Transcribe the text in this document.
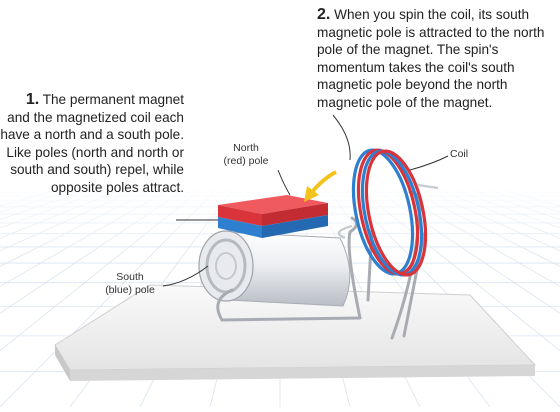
1. The permanent magnet and the magnetized coil each have a north and a south pole. Like poles (north and north or south and south) repel, while opposite poles attract.
2. When you spin the coil, its south magnetic pole is attracted to the north pole of the magnet. The spin's momentum takes the coil's south magnetic pole beyond the north magnetic pole of the magnet.
North
(red) pole
South
(blue) pole
Coil
